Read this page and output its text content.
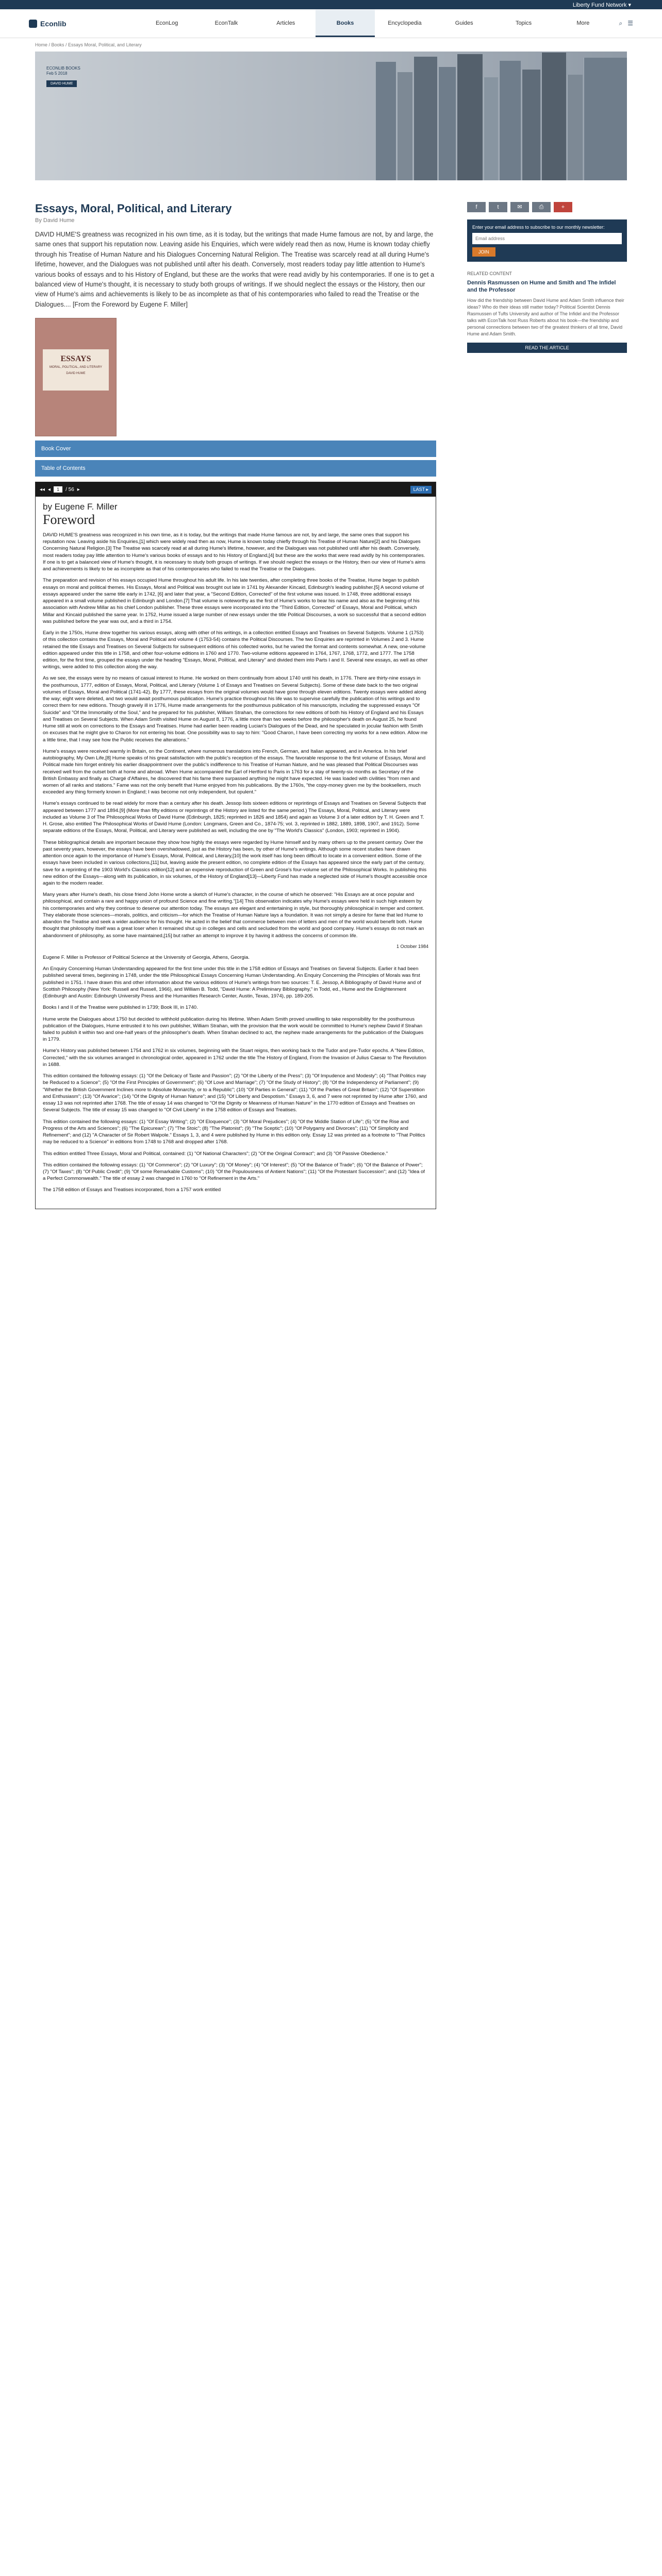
Liberty Fund Network ▾
Econlib	EconLog	EconTalk	Articles	Books	Encyclopedia	Guides	Topics	More	⌕ ☰
Home / Books / Essays Moral, Political, and Literary
ECONLIB BOOKS
Feb 5 2018
DAVID HUME
Essays, Moral, Political, and Literary
By David Hume

DAVID HUME'S greatness was recognized in his own time, as it is today, but the writings that made Hume famous are not, by and large, the same ones that support his reputation now. Leaving aside his Enquiries, which were widely read then as now, Hume is known today chiefly through his Treatise of Human Nature and his Dialogues Concerning Natural Religion. The Treatise was scarcely read at all during Hume's lifetime, however, and the Dialogues was not published until after his death. Conversely, most readers today pay little attention to Hume's various books of essays and to his History of England, but these are the works that were read avidly by his contemporaries. If one is to get a balanced view of Hume's thought, it is necessary to study both groups of writings. If we should neglect the essays or the History, then our view of Hume's aims and achievements is likely to be as incomplete as that of his contemporaries who failed to read the Treatise or the Dialogues.... [From the Foreword by Eugene F. Miller]

ESSAYS
MORAL, POLITICAL, AND LITERARY
DAVID HUME
Book Cover
Table of Contents
◂◂ ◂	1	/ 56 ▸	LAST ▸
by Eugene F. Miller
Foreword

DAVID HUME'S greatness was recognized in his own time, as it is today, but the writings that made Hume famous are not, by and large, the same ones that support his reputation now. Leaving aside his Enquiries,[1] which were widely read then as now, Hume is known today chiefly through his Treatise of Human Nature[2] and his Dialogues Concerning Natural Religion.[3] The Treatise was scarcely read at all during Hume's lifetime, however, and the Dialogues was not published until after his death. Conversely, most readers today pay little attention to Hume's various books of essays and to his History of England,[4] but these are the works that were read avidly by his contemporaries. If one is to get a balanced view of Hume's thought, it is necessary to study both groups of writings. If we should neglect the essays or the History, then our view of Hume's aims and achievements is likely to be as incomplete as that of his contemporaries who failed to read the Treatise or the Dialogues.

The preparation and revision of his essays occupied Hume throughout his adult life. In his late twenties, after completing three books of the Treatise, Hume began to publish essays on moral and political themes. His Essays, Moral and Political was brought out late in 1741 by Alexander Kincaid, Edinburgh's leading publisher.[5] A second volume of essays appeared under the same title early in 1742, [6] and later that year, a "Second Edition, Corrected" of the first volume was issued. In 1748, three additional essays appeared in a small volume published in Edinburgh and London.[7] That volume is noteworthy as the first of Hume's works to bear his name and also as the beginning of his association with Andrew Millar as his chief London publisher. These three essays were incorporated into the "Third Edition, Corrected" of Essays, Moral and Political, which Millar and Kincaid published the same year. In 1752, Hume issued a large number of new essays under the title Political Discourses, a work so successful that a second edition was published before the year was out, and a third in 1754.

Early in the 1750s, Hume drew together his various essays, along with other of his writings, in a collection entitled Essays and Treatises on Several Subjects. Volume 1 (1753) of this collection contains the Essays, Moral and Political and volume 4 (1753-54) contains the Political Discourses. The two Enquiries are reprinted in Volumes 2 and 3. Hume retained the title Essays and Treatises on Several Subjects for subsequent editions of his collected works, but he varied the format and contents somewhat. A new, one-volume edition appeared under this title in 1758, and other four-volume editions in 1760 and 1770. Two-volume editions appeared in 1764, 1767, 1768, 1772, and 1777. The 1758 edition, for the first time, grouped the essays under the heading "Essays, Moral, Political, and Literary" and divided them into Parts I and II. Several new essays, as well as other writings, were added to this collection along the way.

As we see, the essays were by no means of casual interest to Hume. He worked on them continually from about 1740 until his death, in 1776. There are thirty-nine essays in the posthumous, 1777, edition of Essays, Moral, Political, and Literary (Volume 1 of Essays and Treatises on Several Subjects). Some of these date back to the two original volumes of Essays, Moral and Political (1741-42). By 1777, these essays from the original volumes would have gone through eleven editions. Twenty essays were added along the way; eight were deleted, and two would await posthumous publication. Hume's practice throughout his life was to supervise carefully the publication of his writings and to correct them for new editions. Though gravely ill in 1776, Hume made arrangements for the posthumous publication of his manuscripts, including the suppressed essays "Of Suicide" and "Of the Immortality of the Soul," and he prepared for his publisher, William Strahan, the corrections for new editions of both his History of England and his Essays and Treatises on Several Subjects. When Adam Smith visited Hume on August 8, 1776, a little more than two weeks before the philosopher's death on August 25, he found Hume still at work on corrections to the Essays and Treatises. Hume had earlier been reading Lucian's Dialogues of the Dead, and he speculated in jocular fashion with Smith on excuses that he might give to Charon for not entering his boat. One possibility was to say to him: "Good Charon, I have been correcting my works for a new edition. Allow me a little time, that I may see how the Public receives the alterations."

Hume's essays were received warmly in Britain, on the Continent, where numerous translations into French, German, and Italian appeared, and in America. In his brief autobiography, My Own Life,[8] Hume speaks of his great satisfaction with the public's reception of the essays. The favorable response to the first volume of Essays, Moral and Political made him forget entirely his earlier disappointment over the public's indifference to his Treatise of Human Nature, and he was pleased that Political Discourses was received well from the outset both at home and abroad. When Hume accompanied the Earl of Hertford to Paris in 1763 for a stay of twenty-six months as Secretary of the British Embassy and finally as Chargé d'Affaires, he discovered that his fame there surpassed anything he might have expected. He was loaded with civilities "from men and women of all ranks and stations." Fame was not the only benefit that Hume enjoyed from his publications. By the 1760s, "the copy-money given me by the booksellers, much exceeded any thing formerly known in England; I was become not only independent, but opulent."

Hume's essays continued to be read widely for more than a century after his death. Jessop lists sixteen editions or reprintings of Essays and Treatises on Several Subjects that appeared between 1777 and 1894.[9] (More than fifty editions or reprintings of the History are listed for the same period.) The Essays, Moral, Political, and Literary were included as Volume 3 of The Philosophical Works of David Hume (Edinburgh, 1825; reprinted in 1826 and 1854) and again as Volume 3 of a later edition by T. H. Green and T. H. Grose, also entitled The Philosophical Works of David Hume (London: Longmans, Green and Co., 1874-75; vol. 3, reprinted in 1882, 1889, 1898, 1907, and 1912). Some separate editions of the Essays, Moral, Political, and Literary were published as well, including the one by "The World's Classics" (London, 1903; reprinted in 1904).

These bibliographical details are important because they show how highly the essays were regarded by Hume himself and by many others up to the present century. Over the past seventy years, however, the essays have been overshadowed, just as the History has been, by other of Hume's writings. Although some recent studies have drawn attention once again to the importance of Hume's Essays, Moral, Political, and Literary,[10] the work itself has long been difficult to locate in a convenient edition. Some of the essays have been included in various collections,[11] but, leaving aside the present edition, no complete edition of the Essays has appeared since the early part of the century, save for a reprinting of the 1903 World's Classics edition[12] and an expensive reproduction of Green and Grose's four-volume set of the Philosophical Works. In publishing this new edition of the Essays—along with its publication, in six volumes, of the History of England[13]—Liberty Fund has made a neglected side of Hume's thought accessible once again to the modern reader.

Many years after Hume's death, his close friend John Home wrote a sketch of Hume's character, in the course of which he observed: "His Essays are at once popular and philosophical, and contain a rare and happy union of profound Science and fine writing."[14] This observation indicates why Hume's essays were held in such high esteem by his contemporaries and why they continue to deserve our attention today. The essays are elegant and entertaining in style, but thoroughly philosophical in temper and content. They elaborate those sciences—morals, politics, and criticism—for which the Treatise of Human Nature lays a foundation. It was not simply a desire for fame that led Hume to abandon the Treatise and seek a wider audience for his thought. He acted in the belief that commerce between men of letters and men of the world would benefit both. Hume thought that philosophy itself was a great loser when it remained shut up in colleges and cells and secluded from the world and good company. Hume's essays do not mark an abandonment of philosophy, as some have maintained,[15] but rather an attempt to improve it by having it address the concerns of common life.

1 October 1984

Eugene F. Miller is Professor of Political Science at the University of Georgia, Athens, Georgia.

An Enquiry Concerning Human Understanding appeared for the first time under this title in the 1758 edition of Essays and Treatises on Several Subjects. Earlier it had been published several times, beginning in 1748, under the title Philosophical Essays Concerning Human Understanding. An Enquiry Concerning the Principles of Morals was first published in 1751. I have drawn this and other information about the various editions of Hume's writings from two sources: T. E. Jessop, A Bibliography of David Hume and of Scottish Philosophy (New York: Russell and Russell, 1966), and William B. Todd, "David Hume: A Preliminary Bibliography," in Todd, ed., Hume and the Enlightenment (Edinburgh and Austin: Edinburgh University Press and the Humanities Research Center, Austin, Texas, 1974), pp. 189-205.

Books I and II of the Treatise were published in 1739; Book III, in 1740.

Hume wrote the Dialogues about 1750 but decided to withhold publication during his lifetime. When Adam Smith proved unwilling to take responsibility for the posthumous publication of the Dialogues, Hume entrusted it to his own publisher, William Strahan, with the provision that the work would be committed to Hume's nephew David if Strahan failed to publish it within two and one-half years of the philosopher's death. When Strahan declined to act, the nephew made arrangements for the publication of the Dialogues in 1779.

Hume's History was published between 1754 and 1762 in six volumes, beginning with the Stuart reigns, then working back to the Tudor and pre-Tudor epochs. A "New Edition, Corrected," with the six volumes arranged in chronological order, appeared in 1762 under the title The History of England, From the Invasion of Julius Caesar to The Revolution in 1688.

This edition contained the following essays: (1) "Of the Delicacy of Taste and Passion"; (2) "Of the Liberty of the Press"; (3) "Of Impudence and Modesty"; (4) "That Politics may be Reduced to a Science"; (5) "Of the First Principles of Government"; (6) "Of Love and Marriage"; (7) "Of the Study of History"; (8) "Of the Independency of Parliament"; (9) "Whether the British Government Inclines more to Absolute Monarchy, or to a Republic"; (10) "Of Parties in General"; (11) "Of the Parties of Great Britain"; (12) "Of Superstition and Enthusiasm"; (13) "Of Avarice"; (14) "Of the Dignity of Human Nature"; and (15) "Of Liberty and Despotism." Essays 3, 6, and 7 were not reprinted by Hume after 1760, and essay 13 was not reprinted after 1768. The title of essay 14 was changed to "Of the Dignity or Meanness of Human Nature" in the 1770 edition of Essays and Treatises on Several Subjects. The title of essay 15 was changed to "Of Civil Liberty" in the 1758 edition of Essays and Treatises.

This edition contained the following essays: (1) "Of Essay Writing"; (2) "Of Eloquence"; (3) "Of Moral Prejudices"; (4) "Of the Middle Station of Life"; (5) "Of the Rise and Progress of the Arts and Sciences"; (6) "The Epicurean"; (7) "The Stoic"; (8) "The Platonist"; (9) "The Sceptic"; (10) "Of Polygamy and Divorces"; (11) "Of Simplicity and Refinement"; and (12) "A Character of Sir Robert Walpole." Essays 1, 3, and 4 were published by Hume in this edition only. Essay 12 was printed as a footnote to "That Politics may be reduced to a Science" in editions from 1748 to 1768 and dropped after 1768.

This edition entitled Three Essays, Moral and Political, contained: (1) "Of National Characters"; (2) "Of the Original Contract"; and (3) "Of Passive Obedience."

This edition contained the following essays: (1) "Of Commerce"; (2) "Of Luxury"; (3) "Of Money"; (4) "Of Interest"; (5) "Of the Balance of Trade"; (6) "Of the Balance of Power"; (7) "Of Taxes"; (8) "Of Public Credit"; (9) "Of some Remarkable Customs"; (10) "Of the Populousness of Antient Nations"; (11) "Of the Protestant Succession"; and (12) "Idea of a Perfect Commonwealth." The title of essay 2 was changed in 1760 to "Of Refinement in the Arts."

The 1758 edition of Essays and Treatises incorporated, from a 1757 work entitled

f	t	✉	⎙	+
Enter your email address to subscribe to our monthly newsletter:
Email address
JOIN
RELATED CONTENT
Dennis Rasmussen on Hume and Smith and The Infidel and the Professor
How did the friendship between David Hume and Adam Smith influence their ideas? Who do their ideas still matter today? Political Scientist Dennis Rasmussen of Tufts University and author of The Infidel and the Professor talks with EconTalk host Russ Roberts about his book—the friendship and personal connections between two of the greatest thinkers of all time, David Hume and Adam Smith.
READ THE ARTICLE
